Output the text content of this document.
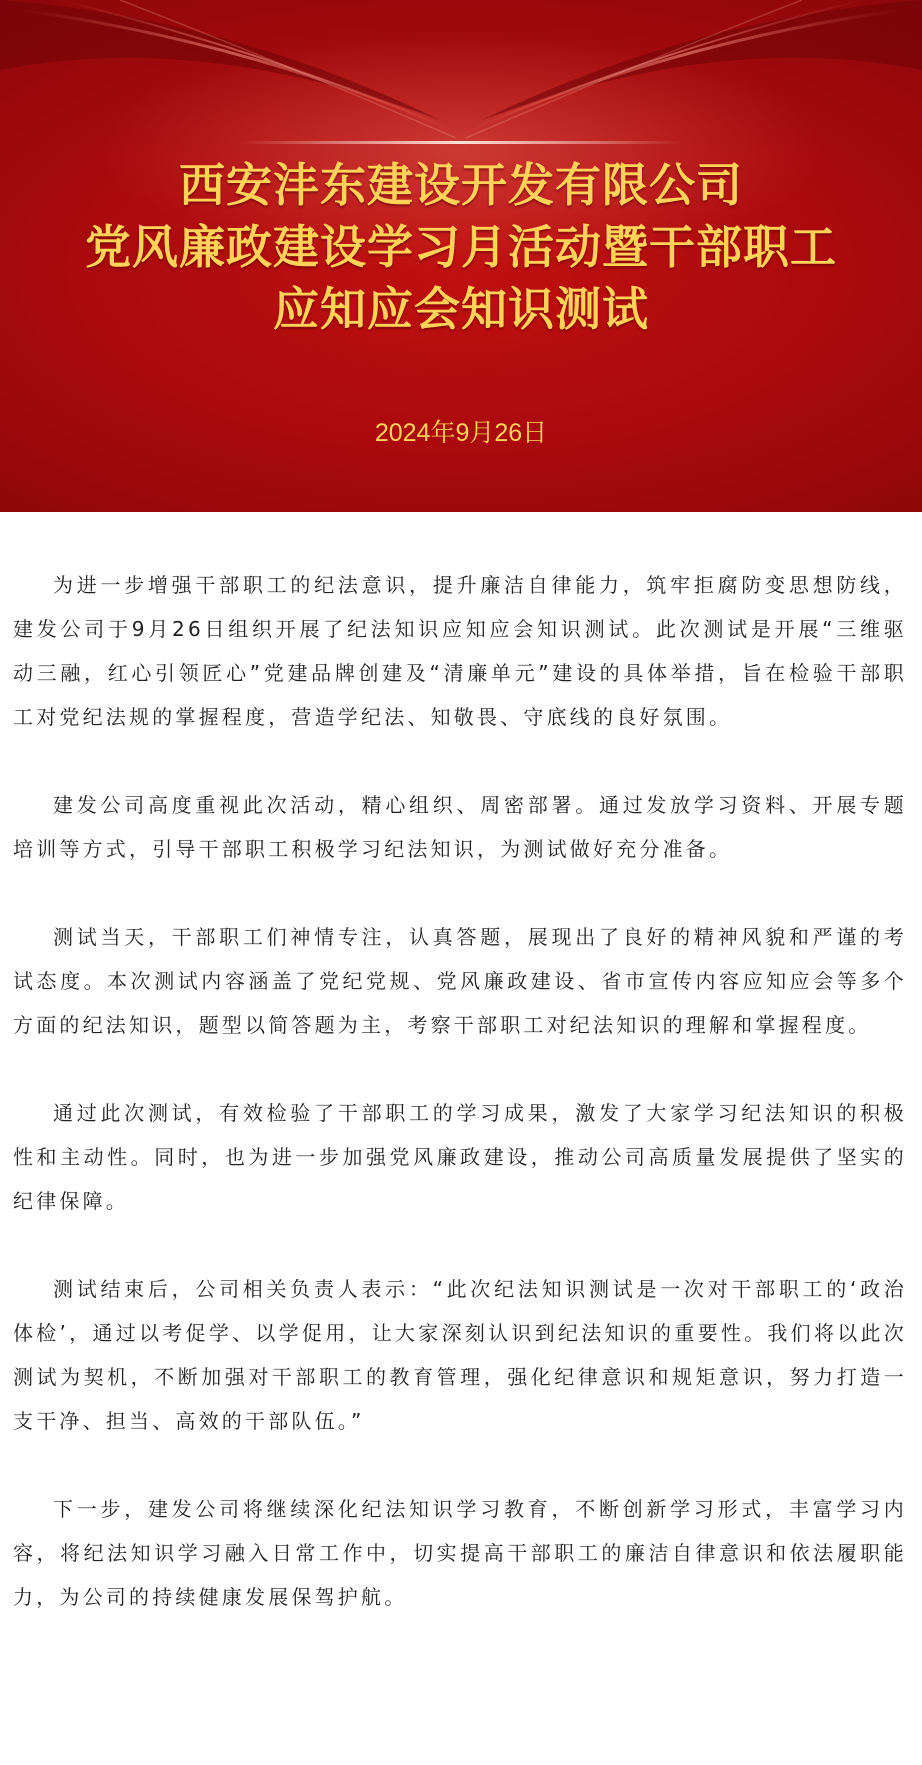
西安沣东建设开发有限公司
党风廉政建设学习月活动暨干部职工
应知应会知识测试
2024年9月26日

为进一步增强干部职工的纪法意识，提升廉洁自律能力，筑牢拒腐防变思想防线，建发公司于9月26日组织开展了纪法知识应知应会知识测试。此次测试是开展“三维驱动三融，红心引领匠心”党建品牌创建及“清廉单元”建设的具体举措，旨在检验干部职工对党纪法规的掌握程度，营造学纪法、知敬畏、守底线的良好氛围。

建发公司高度重视此次活动，精心组织、周密部署。通过发放学习资料、开展专题培训等方式，引导干部职工积极学习纪法知识，为测试做好充分准备。

测试当天，干部职工们神情专注，认真答题，展现出了良好的精神风貌和严谨的考试态度。本次测试内容涵盖了党纪党规、党风廉政建设、省市宣传内容应知应会等多个方面的纪法知识，题型以简答题为主，考察干部职工对纪法知识的理解和掌握程度。

通过此次测试，有效检验了干部职工的学习成果，激发了大家学习纪法知识的积极性和主动性。同时，也为进一步加强党风廉政建设，推动公司高质量发展提供了坚实的纪律保障。

测试结束后，公司相关负责人表示：“此次纪法知识测试是一次对干部职工的‘政治体检’，通过以考促学、以学促用，让大家深刻认识到纪法知识的重要性。我们将以此次测试为契机，不断加强对干部职工的教育管理，强化纪律意识和规矩意识，努力打造一支干净、担当、高效的干部队伍。”

下一步，建发公司将继续深化纪法知识学习教育，不断创新学习形式，丰富学习内容，将纪法知识学习融入日常工作中，切实提高干部职工的廉洁自律意识和依法履职能力，为公司的持续健康发展保驾护航。
